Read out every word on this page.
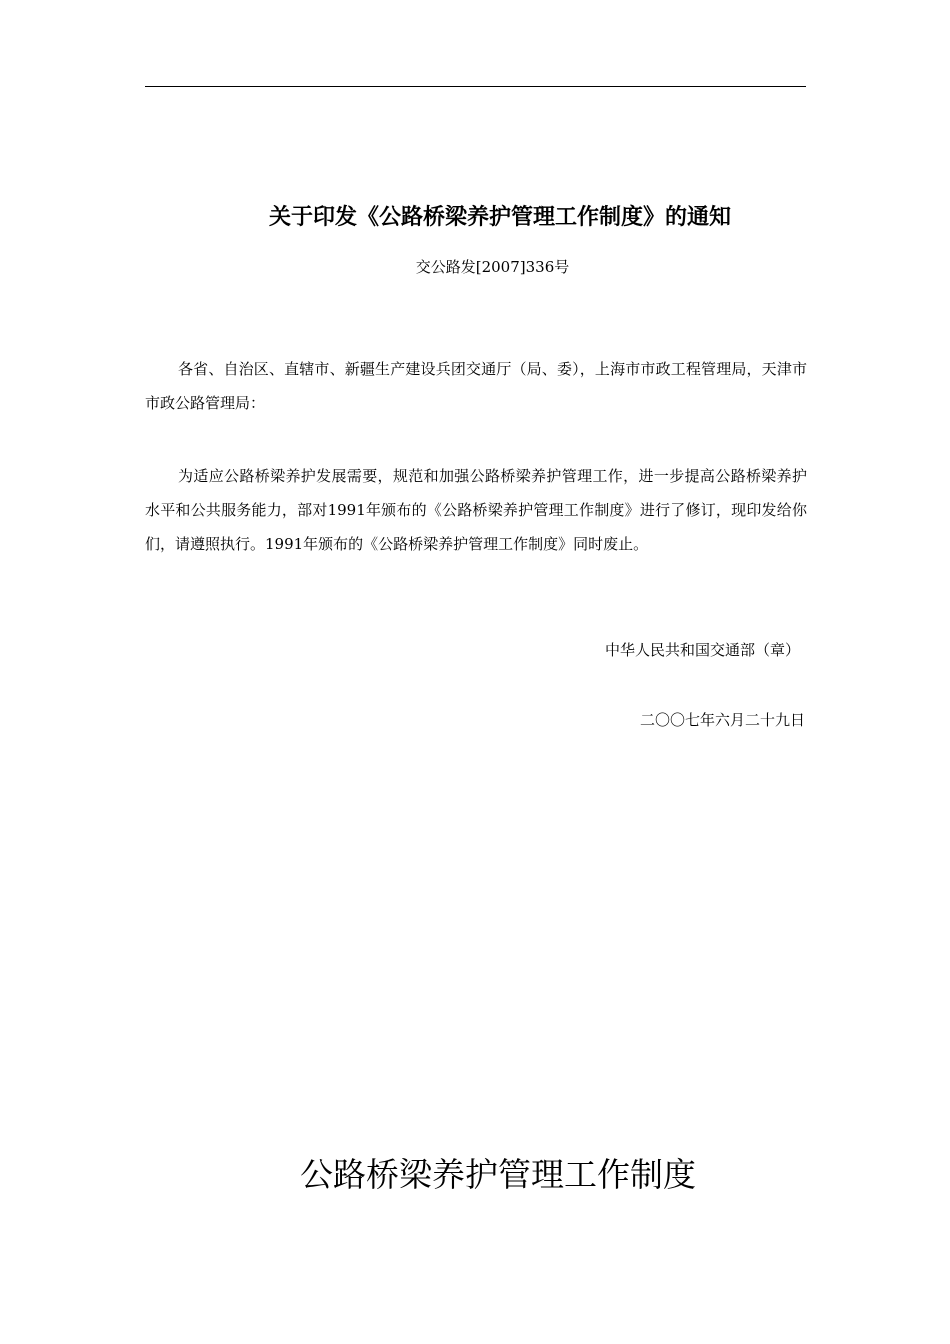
关于印发《公路桥梁养护管理工作制度》的通知
交公路发[2007]336号
各省、自治区、直辖市、新疆生产建设兵团交通厅（局、委），上海市市政工程管理局，天津市市政公路管理局：
为适应公路桥梁养护发展需要，规范和加强公路桥梁养护管理工作，进一步提高公路桥梁养护水平和公共服务能力，部对1991年颁布的《公路桥梁养护管理工作制度》进行了修订，现印发给你们，请遵照执行。1991年颁布的《公路桥梁养护管理工作制度》同时废止。
中华人民共和国交通部（章）
二〇〇七年六月二十九日
公路桥梁养护管理工作制度
